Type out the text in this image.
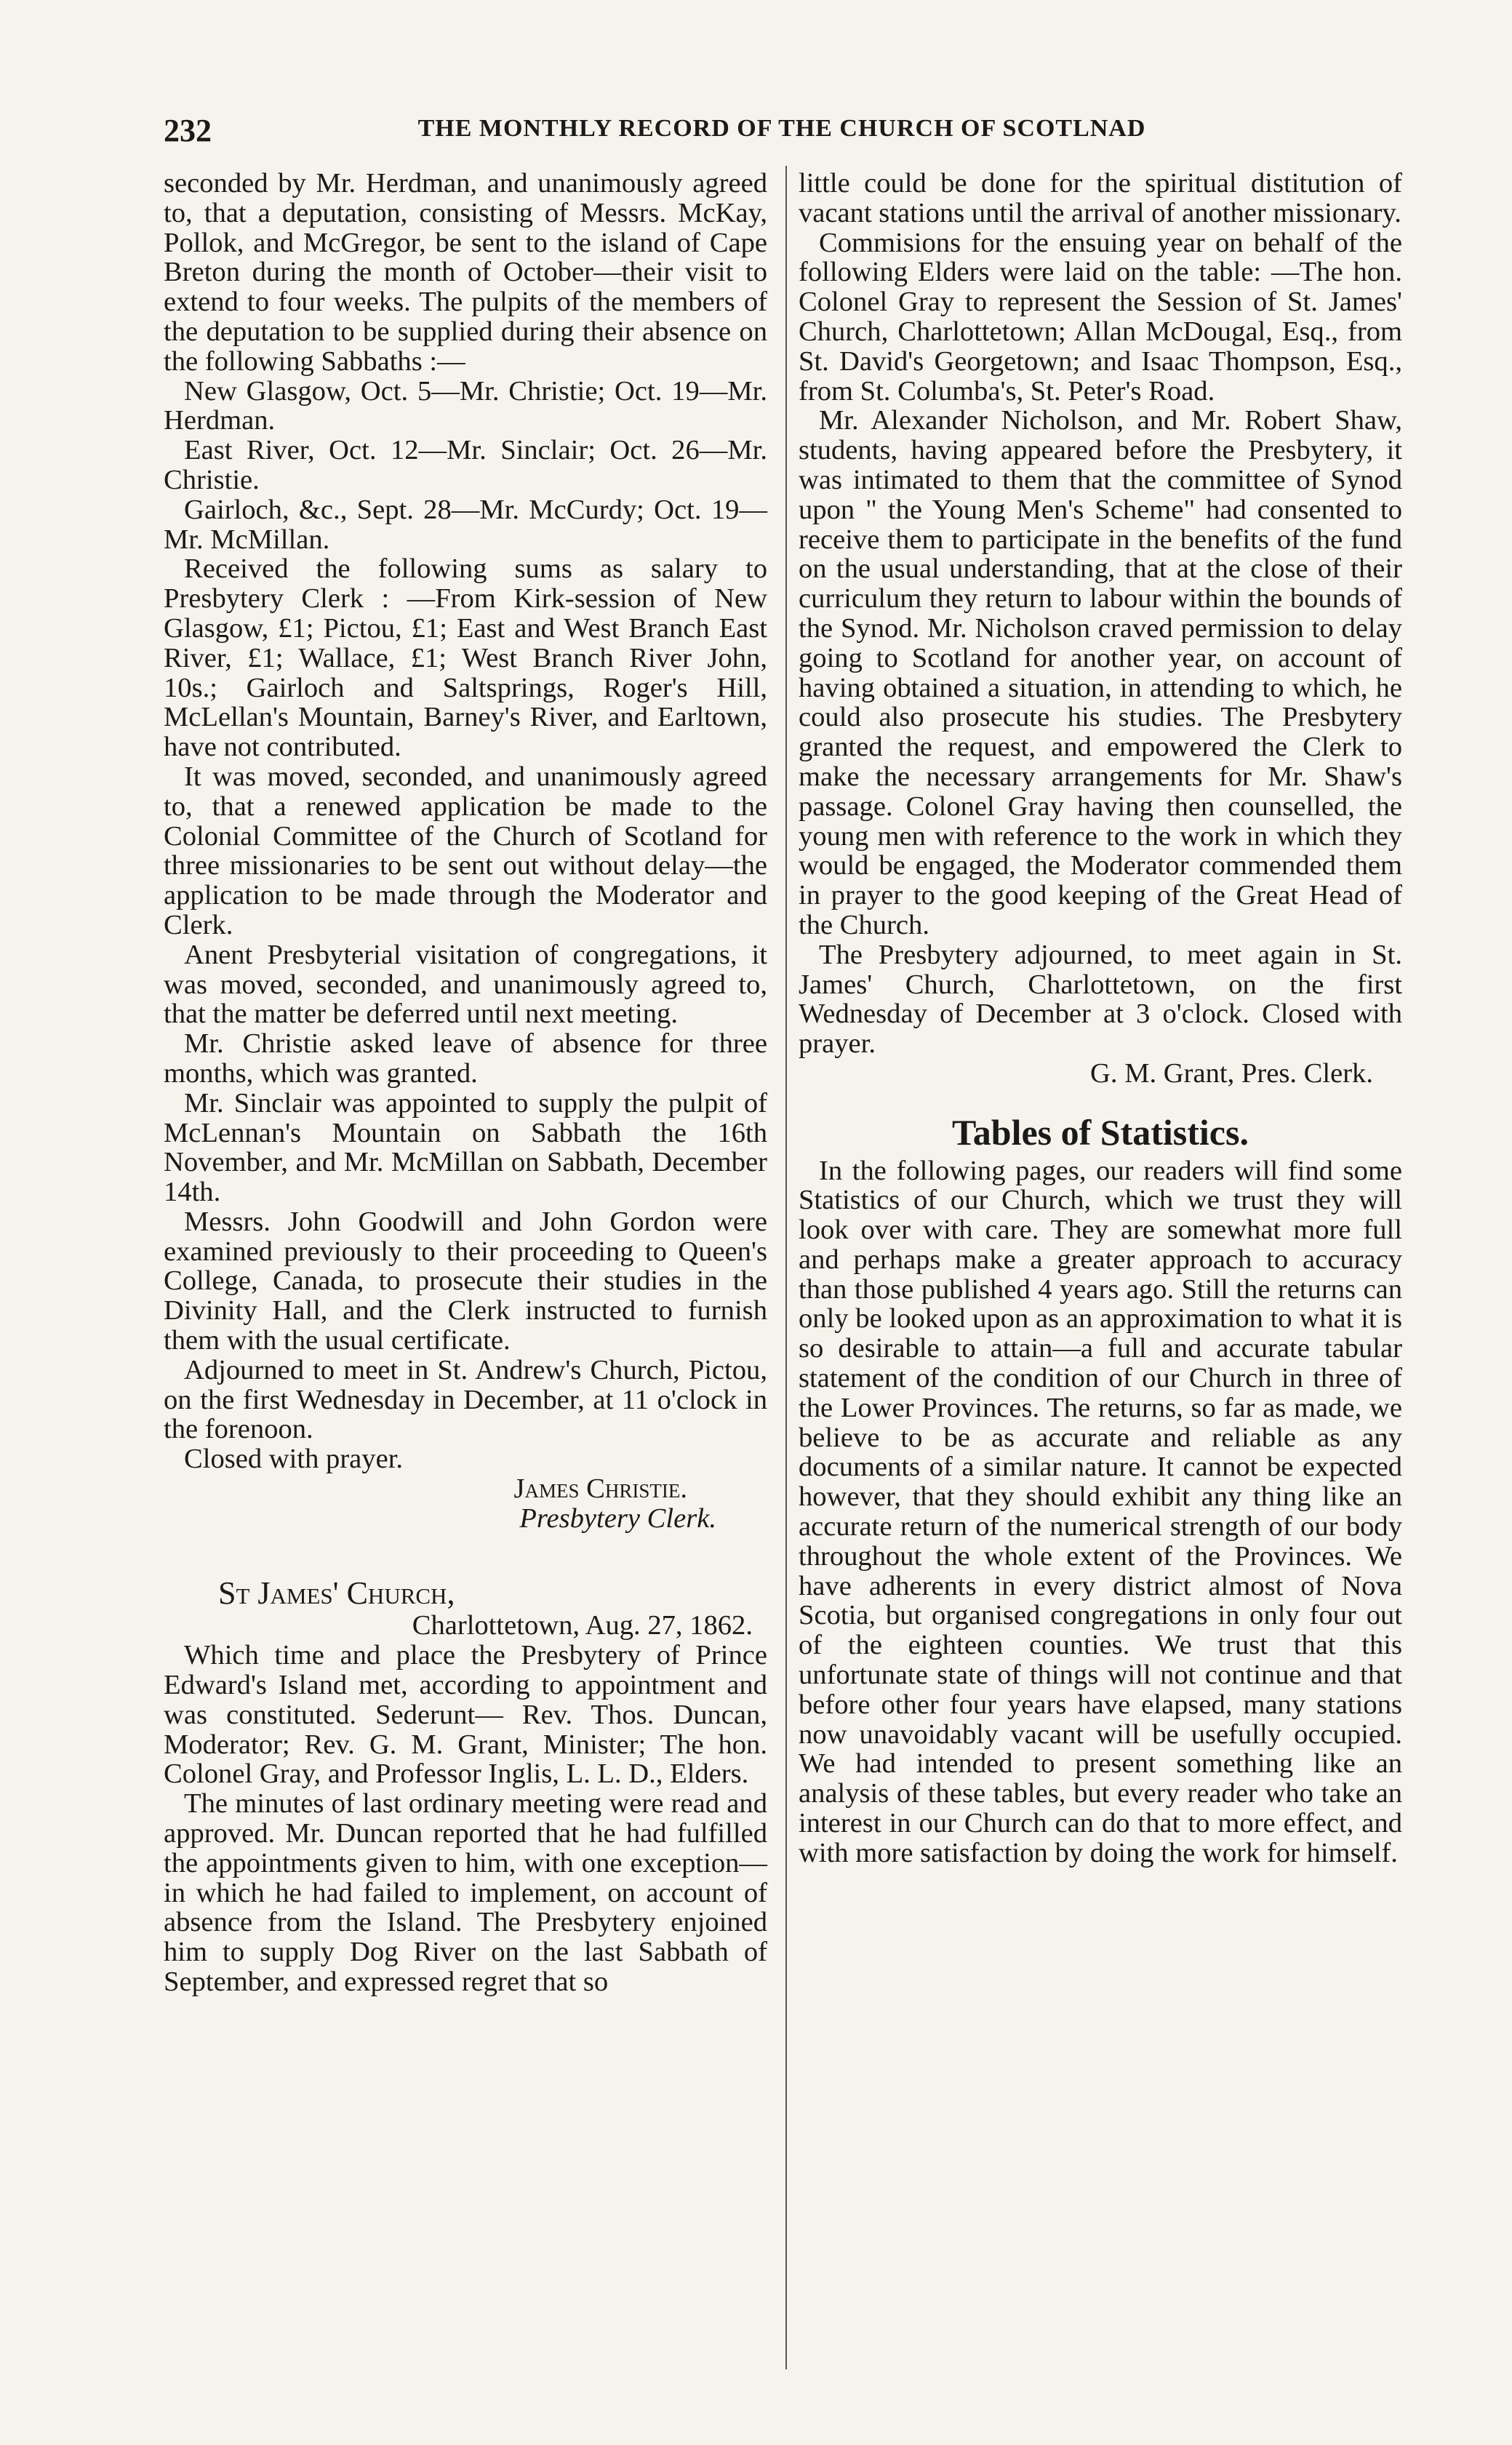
232	THE MONTHLY RECORD OF THE CHURCH OF SCOTLNAD

seconded by Mr. Herdman, and unanimously agreed to, that a deputation, consisting of Messrs. McKay, Pollok, and McGregor, be sent to the island of Cape Breton during the month of October—their visit to extend to four weeks. The pulpits of the members of the deputation to be supplied during their absence on the following Sabbaths :—

New Glasgow, Oct. 5—Mr. Christie; Oct. 19—Mr. Herdman.

East River, Oct. 12—Mr. Sinclair; Oct. 26—Mr. Christie.

Gairloch, &c., Sept. 28—Mr. McCurdy; Oct. 19—Mr. McMillan.

Received the following sums as salary to Presbytery Clerk : —From Kirk-session of New Glasgow, £1; Pictou, £1; East and West Branch East River, £1; Wallace, £1; West Branch River John, 10s.; Gairloch and Saltsprings, Roger's Hill, McLellan's Mountain, Barney's River, and Earltown, have not contributed.

It was moved, seconded, and unanimously agreed to, that a renewed application be made to the Colonial Committee of the Church of Scotland for three missionaries to be sent out without delay—the application to be made through the Moderator and Clerk.

Anent Presbyterial visitation of congregations, it was moved, seconded, and unanimously agreed to, that the matter be deferred until next meeting.

Mr. Christie asked leave of absence for three months, which was granted.

Mr. Sinclair was appointed to supply the pulpit of McLennan's Mountain on Sabbath the 16th November, and Mr. McMillan on Sabbath, December 14th.

Messrs. John Goodwill and John Gordon were examined previously to their proceeding to Queen's College, Canada, to prosecute their studies in the Divinity Hall, and the Clerk instructed to furnish them with the usual certificate.

Adjourned to meet in St. Andrew's Church, Pictou, on the first Wednesday in December, at 11 o'clock in the forenoon.

Closed with prayer.

James Christie.

Presbytery Clerk.

St James' Church,

Charlottetown, Aug. 27, 1862.

Which time and place the Presbytery of Prince Edward's Island met, according to appointment and was constituted. Sederunt— Rev. Thos. Duncan, Moderator; Rev. G. M. Grant, Minister; The hon. Colonel Gray, and Professor Inglis, L. L. D., Elders.

The minutes of last ordinary meeting were read and approved. Mr. Duncan reported that he had fulfilled the appointments given to him, with one exception—in which he had failed to implement, on account of absence from the Island. The Presbytery enjoined him to supply Dog River on the last Sabbath of September, and expressed regret that so

little could be done for the spiritual distitution of vacant stations until the arrival of another missionary.

Commisions for the ensuing year on behalf of the following Elders were laid on the table: —The hon. Colonel Gray to represent the Session of St. James' Church, Charlottetown; Allan McDougal, Esq., from St. David's Georgetown; and Isaac Thompson, Esq., from St. Columba's, St. Peter's Road.

Mr. Alexander Nicholson, and Mr. Robert Shaw, students, having appeared before the Presbytery, it was intimated to them that the committee of Synod upon " the Young Men's Scheme" had consented to receive them to participate in the benefits of the fund on the usual understanding, that at the close of their curriculum they return to labour within the bounds of the Synod. Mr. Nicholson craved permission to delay going to Scotland for another year, on account of having obtained a situation, in attending to which, he could also prosecute his studies. The Presbytery granted the request, and empowered the Clerk to make the necessary arrangements for Mr. Shaw's passage. Colonel Gray having then counselled, the young men with reference to the work in which they would be engaged, the Moderator commended them in prayer to the good keeping of the Great Head of the Church.

The Presbytery adjourned, to meet again in St. James' Church, Charlottetown, on the first Wednesday of December at 3 o'clock. Closed with prayer.

G. M. Grant, Pres. Clerk.

Tables of Statistics.

In the following pages, our readers will find some Statistics of our Church, which we trust they will look over with care. They are somewhat more full and perhaps make a greater approach to accuracy than those published 4 years ago. Still the returns can only be looked upon as an approximation to what it is so desirable to attain—a full and accurate tabular statement of the condition of our Church in three of the Lower Provinces. The returns, so far as made, we believe to be as accurate and reliable as any documents of a similar nature. It cannot be expected however, that they should exhibit any thing like an accurate return of the numerical strength of our body throughout the whole extent of the Provinces. We have adherents in every district almost of Nova Scotia, but organised congregations in only four out of the eighteen counties. We trust that this unfortunate state of things will not continue and that before other four years have elapsed, many stations now unavoidably vacant will be usefully occupied. We had intended to present something like an analysis of these tables, but every reader who take an interest in our Church can do that to more effect, and with more satisfaction by doing the work for himself.
